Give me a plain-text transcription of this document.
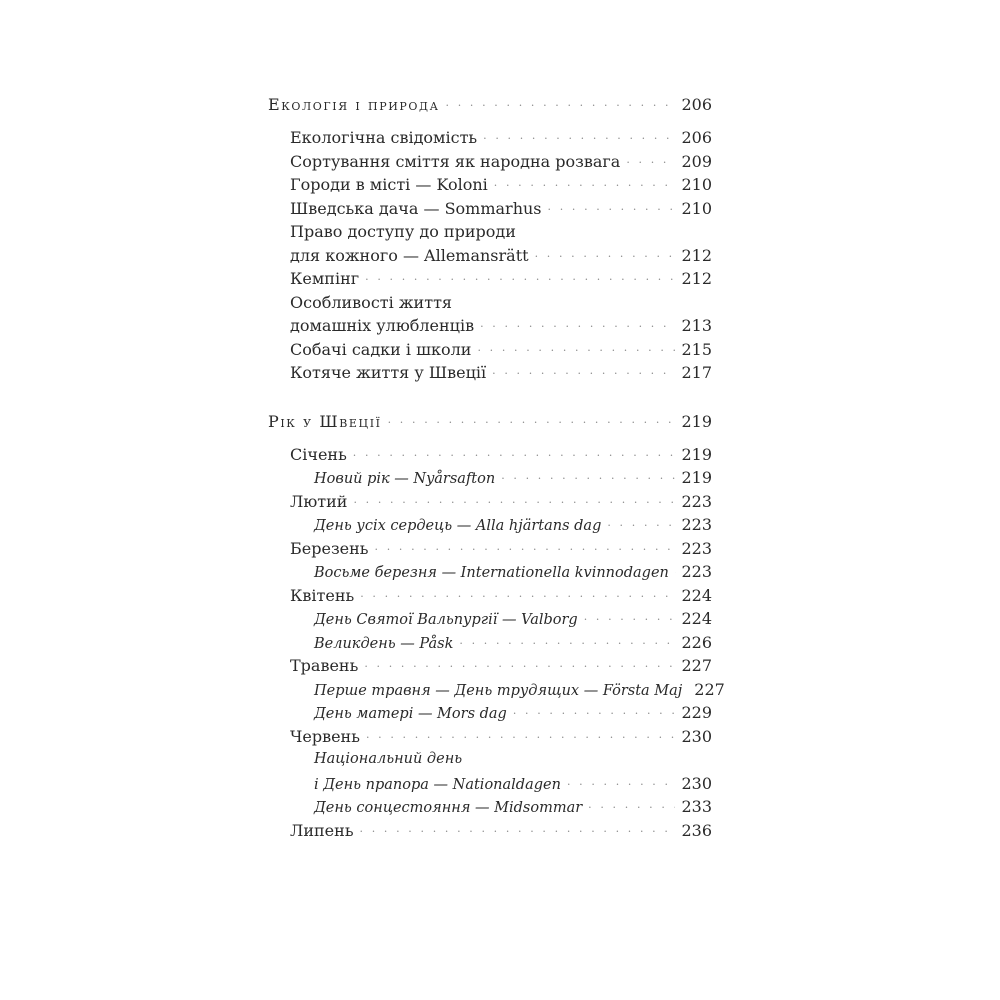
Екологія і природа · · ·	206
Екологічна свідомість · · ·	206
Сортування сміття як народна розвага · · ·	209
Городи в місті — Koloni · · ·	210
Шведська дача — Sommarhus · · ·	210
Право доступу до природи
для кожного — Allemansrätt · · ·	212
Кемпінг · · ·	212
Особливості життя
домашніх улюбленців · · ·	213
Собачі садки і школи · · ·	215
Котяче життя у Швеції · · ·	217
Рік у Швеції · · ·	219
Січень · · ·	219
Новий рік — Nyårsafton · · ·	219
Лютий · · ·	223
День усіх сердець — Alla hjärtans dag · · ·	223
Березень · · ·	223
Восьме березня — Internationella kvinnodagen · · · 223
Квітень · · ·	224
День Святої Вальпургії — Valborg · · ·	224
Великдень — Påsk · · ·	226
Травень · · ·	227
Перше травня — День трудящих — Första Maj 227
День матері — Mors dag · · ·	229
Червень · · ·	230
Національний день
і День прапора — Nationaldagen · · ·	230
День сонцестояння — Midsommar · · ·	233
Липень · · ·	236
